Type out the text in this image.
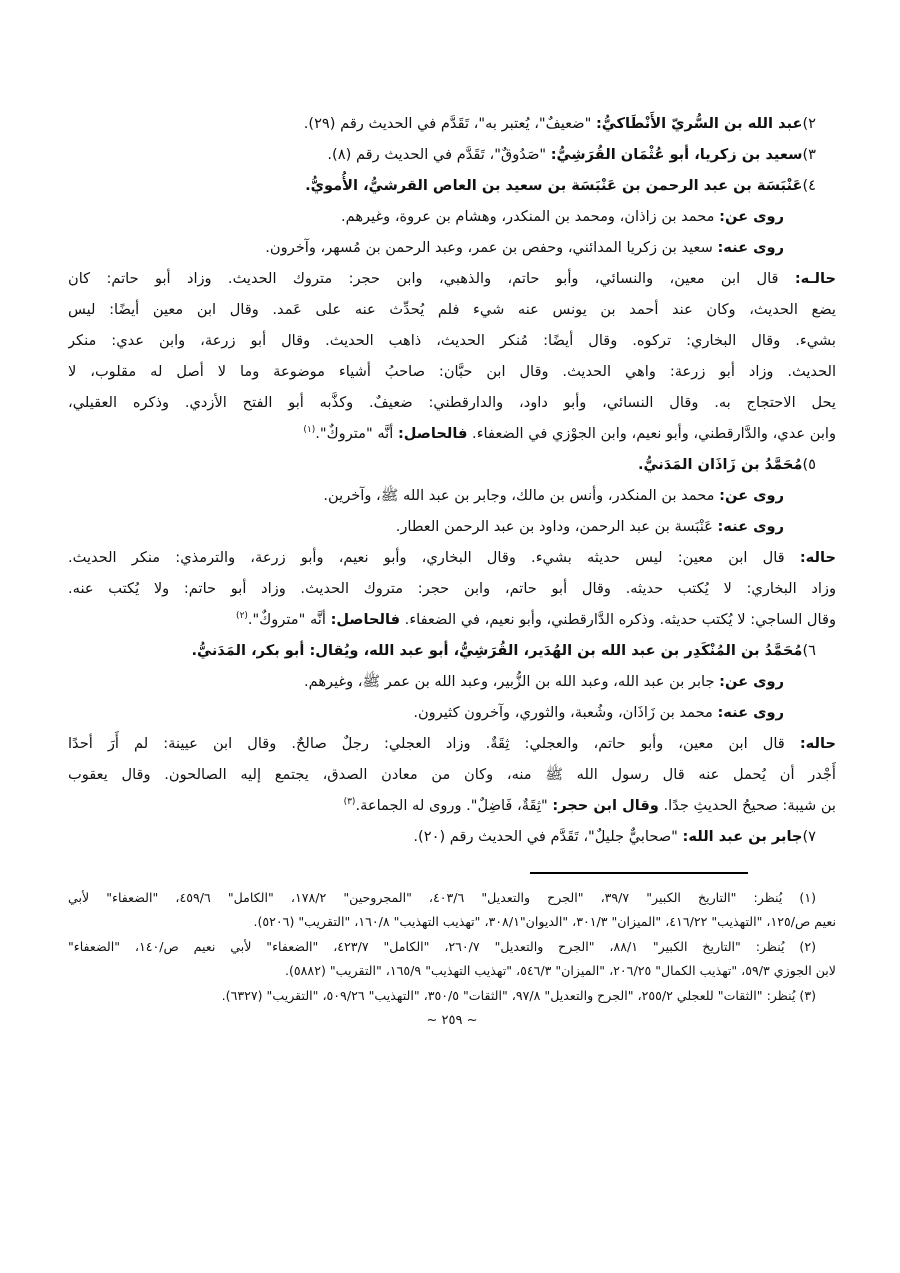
٢)عبد الله بن السُّريّ الأَنْطَاكيُّ: "ضعيفٌ"، يُعتبر به"، تَقَدَّم في الحديث رقم (٢٩).
٣)سعيد بن زكريا، أبو عُثْمَان القُرَشِيُّ: "صَدُوقٌ"، تَقَدَّم في الحديث رقم (٨).
٤)عَنْبَسَة بن عبد الرحمن بن عَنْبَسَة بن سعيد بن العاص القرشيُّ، الأُمويُّ.
روى عن: محمد بن زاذان، ومحمد بن المنكدر، وهشام بن عروة، وغيرهم.
روى عنه: سعيد بن زكريا المدائني، وحفص بن عمر، وعبد الرحمن بن مُسهر، وآخرون.
حالـه: قال ابن معين، والنسائي، وأبو حاتم، والذهبي، وابن حجر: متروك الحديث. وزاد أبو حاتم: كان
يضع الحديث، وكان عند أحمد بن يونس عنه شيء فلم يُحدِّث عنه على عَمد. وقال ابن معين أيضًا: ليس
بشيء. وقال البخاري: تركوه. وقال أيضًا: مُنكر الحديث، ذاهب الحديث. وقال أبو زرعة، وابن عدي: منكر
الحديث. وزاد أبو زرعة: واهي الحديث. وقال ابن حبَّان: صاحبُ أشياء موضوعة وما لا أصل له مقلوب، لا
يحل الاحتجاج به. وقال النسائي، وأبو داود، والدارقطني: ضعيفٌ. وكذَّبه أبو الفتح الأزدي. وذكره العقيلي،
وابن عدي، والدَّارقطني، وأبو نعيم، وابن الجوْزي في الضعفاء. فالحاصل: أنَّه "متروكٌ".$^{(١)}$
٥)مُحَمَّدُ بن زَاذَان المَدَنيُّ.
روى عن: محمد بن المنكدر، وأنس بن مالك، وجابر بن عبد الله ﷺ، وآخرين.
روى عنه: عَنْبَسة بن عبد الرحمن، وداود بن عبد الرحمن العطار.
حاله: قال ابن معين: ليس حديثه بشيء. وقال البخاري، وأبو نعيم، وأبو زرعة، والترمذي: منكر الحديث.
وزاد البخاري: لا يُكتب حديثه. وقال أبو حاتم، وابن حجر: متروك الحديث. وزاد أبو حاتم: ولا يُكتب عنه.
وقال الساجي: لا يُكتب حديثه. وذكره الدَّارقطني، وأبو نعيم، في الضعفاء. فالحاصل: أنَّه "متروكٌ".$^{(٢)}$
٦)مُحَمَّدُ بن المُنْكَدِر بن عبد الله بن الهُدَير، القُرَشِيُّ، أبو عبد الله، ويُقال: أبو بكر، المَدَنيُّ.
روى عن: جابر بن عبد الله، وعبد الله بن الزُّبير، وعبد الله بن عمر ﷺ، وغيرهم.
روى عنه: محمد بن زَاذَان، وشُعبة، والثوري، وآخرون كثيرون.
حاله: قال ابن معين، وأبو حاتم، والعجلي: ثِقَةٌ. وزاد العجلي: رجلٌ صالحٌ. وقال ابن عيينة: لم أَرَ أحدًا
أَجْدر أن يُحمل عنه قال رسول الله ﷺ منه، وكان من معادن الصدق، يجتمع إليه الصالحون. وقال يعقوب
بن شيبة: صحيحُ الحديثِ جدًا. وقال ابن حجر: "ثِقَةٌ، فَاضِلٌ". وروى له الجماعة.$^{(٣)}$
٧)جابر بن عبد الله: "صحابيٌّ جليلٌ"، تَقَدَّم في الحديث رقم (٢٠).
(١) يُنظر: "التاريخ الكبير" ٣٩/٧، "الجرح والتعديل" ٤٠٣/٦، "المجروحين" ١٧٨/٢، "الكامل" ٤٥٩/٦، "الضعفاء" لأبي
نعيم ص/١٢٥، "التهذيب" ٤١٦/٢٢، "الميزان" ٣٠١/٣، "الديوان"٣٠٨/١، "تهذيب التهذيب" ١٦٠/٨، "التقريب" (٥٢٠٦).
(٢) يُنظر: "التاريخ الكبير" ٨٨/١، "الجرح والتعديل" ٢٦٠/٧، "الكامل" ٤٢٣/٧، "الضعفاء" لأبي نعيم ص/١٤٠، "الضعفاء"
لابن الجوزي ٥٩/٣، "تهذيب الكمال" ٢٠٦/٢٥، "الميزان" ٥٤٦/٣، "تهذيب التهذيب" ١٦٥/٩، "التقريب" (٥٨٨٢).
(٣) يُنظر: "الثقات" للعجلي ٢٥٥/٢، "الجرح والتعديل" ٩٧/٨، "الثقات" ٣٥٠/٥، "التهذيب" ٥٠٩/٢٦، "التقريب" (٦٣٢٧).
~ ٢٥٩ ~
